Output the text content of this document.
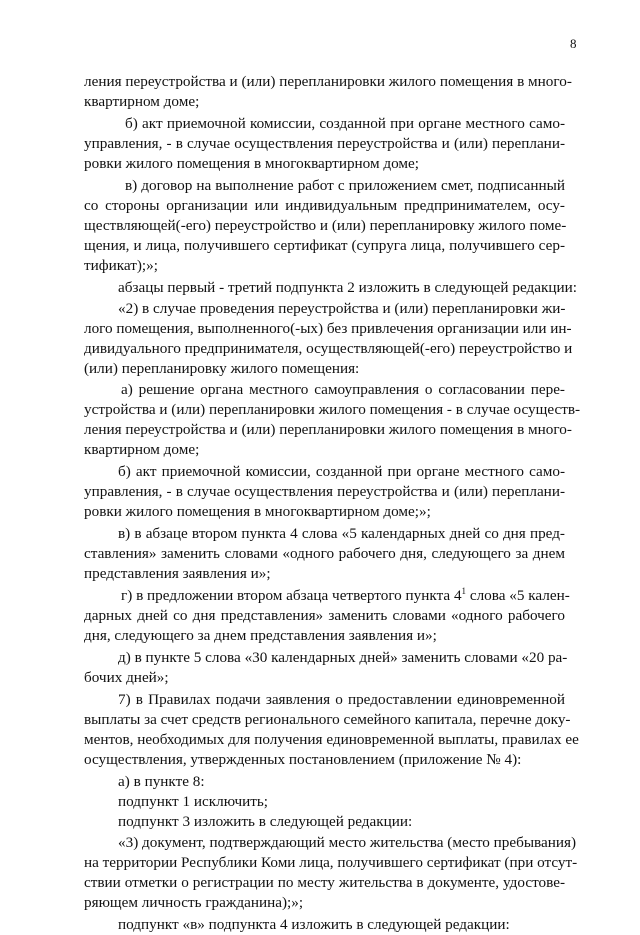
8
ления переустройства и (или) перепланировки жилого помещения в много-
квартирном доме;
б) акт приемочной комиссии, созданной при органе местного само-
управления, - в случае осуществления переустройства и (или) переплани-
ровки жилого помещения в многоквартирном доме;
в) договор на выполнение работ с приложением смет, подписанный
со стороны организации или индивидуальным предпринимателем, осу-
ществляющей(-его) переустройство и (или) перепланировку жилого поме-
щения, и лица, получившего сертификат (супруга лица, получившего сер-
тификат);»;
абзацы первый - третий подпункта 2 изложить в следующей редакции:
«2) в случае проведения переустройства и (или) перепланировки жи-
лого помещения, выполненного(-ых) без привлечения организации или ин-
дивидуального предпринимателя, осуществляющей(-его) переустройство и
(или) перепланировку жилого помещения:
а) решение органа местного самоуправления о согласовании пере-
устройства и (или) перепланировки жилого помещения - в случае осуществ-
ления переустройства и (или) перепланировки жилого помещения в много-
квартирном доме;
б) акт приемочной комиссии, созданной при органе местного само-
управления, - в случае осуществления переустройства и (или) переплани-
ровки жилого помещения в многоквартирном доме;»;
в) в абзаце втором пункта 4 слова «5 календарных дней со дня пред-
ставления» заменить словами «одного рабочего дня, следующего за днем
представления заявления и»;
г) в предложении втором абзаца четвертого пункта $4^1$ слова «5 кален-
дарных дней со дня представления» заменить словами «одного рабочего
дня, следующего за днем представления заявления и»;
д) в пункте 5 слова «30 календарных дней» заменить словами «20 ра-
бочих дней»;
7) в Правилах подачи заявления о предоставлении единовременной
выплаты за счет средств регионального семейного капитала, перечне доку-
ментов, необходимых для получения единовременной выплаты, правилах ее
осуществления, утвержденных постановлением (приложение № 4):
а) в пункте 8:
подпункт 1 исключить;
подпункт 3 изложить в следующей редакции:
«3) документ, подтверждающий место жительства (место пребывания)
на территории Республики Коми лица, получившего сертификат (при отсут-
ствии отметки о регистрации по месту жительства в документе, удостове-
ряющем личность гражданина);»;
подпункт «в» подпункта 4 изложить в следующей редакции:
